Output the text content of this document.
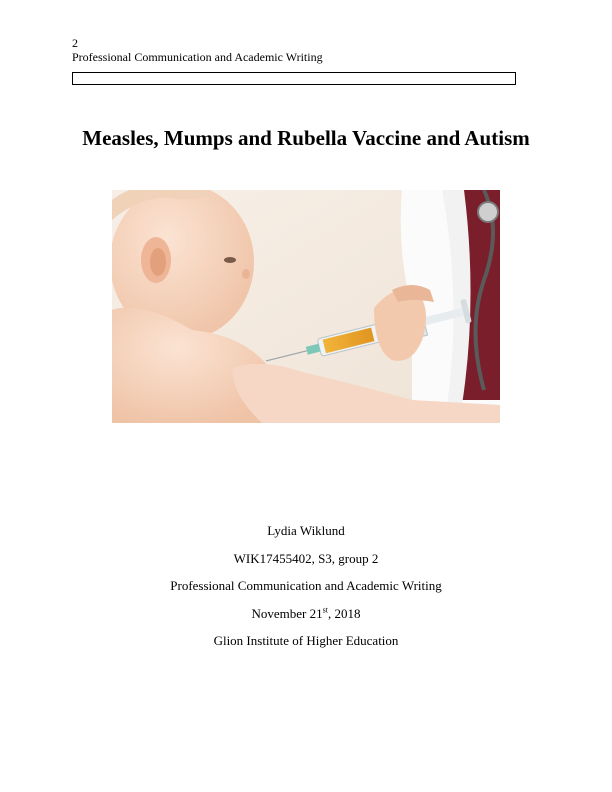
2
Professional Communication and Academic Writing
Measles, Mumps and Rubella Vaccine and Autism
Lydia Wiklund
WIK17455402, S3, group 2
Professional Communication and Academic Writing
November 21st, 2018
Glion Institute of Higher Education
